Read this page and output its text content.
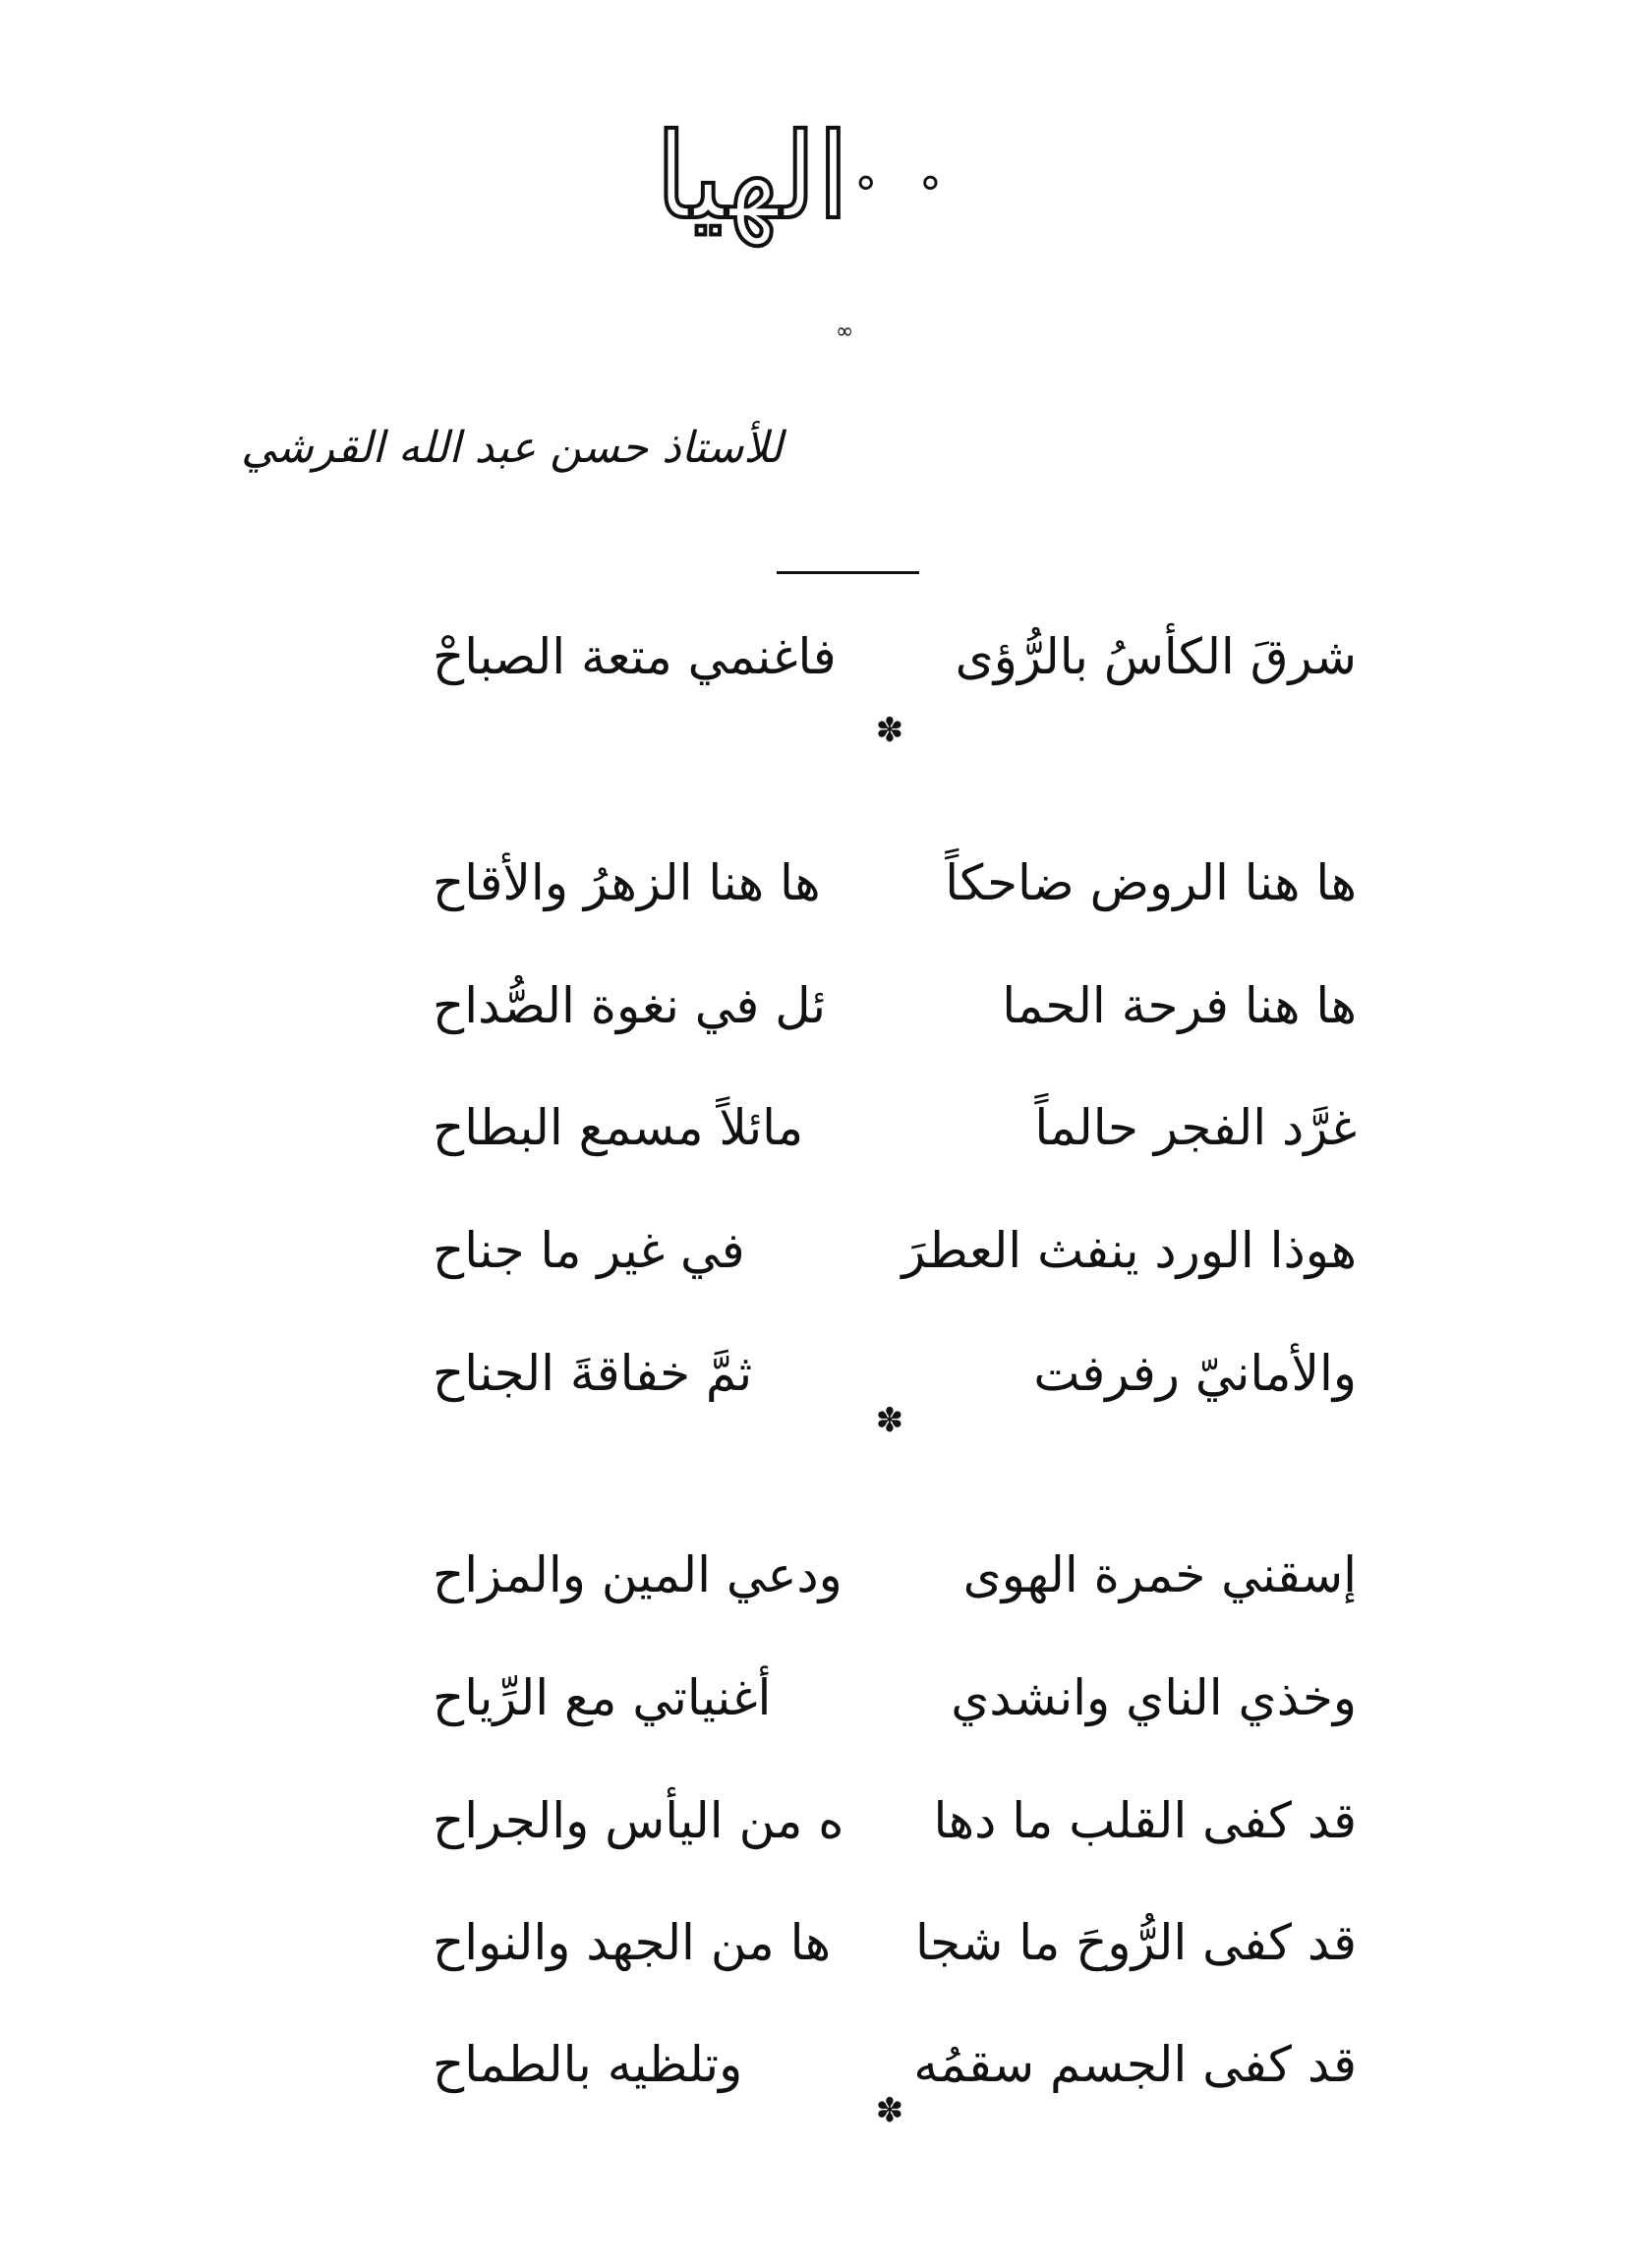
° ° الهيا
∞
للأستاذ حسن عبد الله القرشي
شرقَ الكأسُ بالرُّؤى
فاغنمي متعة الصباحْ
✽
ها هنا الروض ضاحكاً
ها هنا الزهرُ والأقاح
ها هنا فرحة الحما
ئل في نغوة الصُّداح
غرَّد الفجر حالماً
مائلاً مسمع البطاح
هوذا الورد ينفث العطرَ
في غير ما جناح
والأمانيّ رفرفت
ثمَّ خفاقةَ الجناح
✽
إسقني خمرة الهوى
ودعي المين والمزاح
وخذي الناي وانشدي
أغنياتي مع الرِّياح
قد كفى القلب ما دها
ه من اليأس والجراح
قد كفى الرُّوحَ ما شجا
ها من الجهد والنواح
قد كفى الجسم سقمُه
وتلظيه بالطماح
✽
